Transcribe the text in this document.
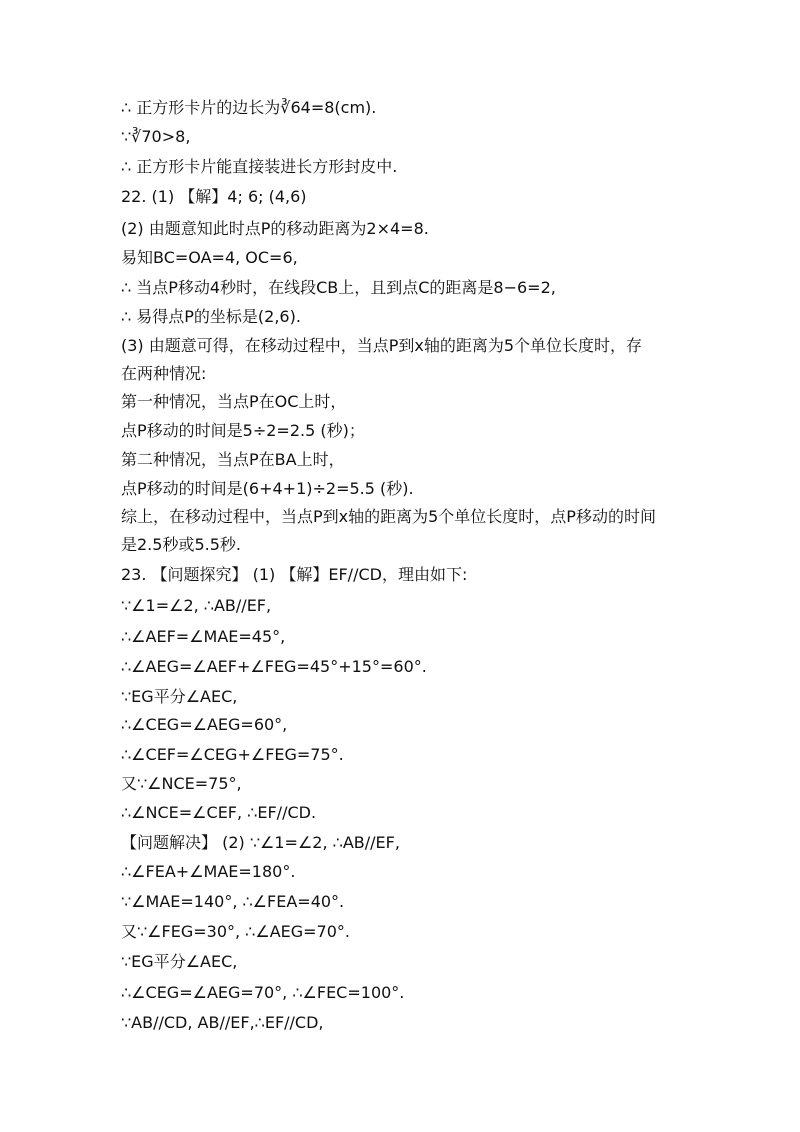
∴ 正方形卡片的边长为∛64=8(cm).
∵∛70>8,
∴ 正方形卡片能直接装进长方形封皮中.
22. (1) 【解】4; 6; (4,6)
(2) 由题意知此时点P的移动距离为2×4=8.
易知BC=OA=4, OC=6,
∴ 当点P移动4秒时，在线段CB上，且到点C的距离是8−6=2,
∴ 易得点P的坐标是(2,6).
(3) 由题意可得，在移动过程中，当点P到x轴的距离为5个单位长度时，存
在两种情况:
第一种情况，当点P在OC上时，
点P移动的时间是5÷2=2.5 (秒)；
第二种情况，当点P在BA上时，
点P移动的时间是(6+4+1)÷2=5.5 (秒).
综上，在移动过程中，当点P到x轴的距离为5个单位长度时，点P移动的时间
是2.5秒或5.5秒.
23. 【问题探究】 (1) 【解】EF//CD，理由如下:
∵∠1=∠2, ∴AB//EF,
∴∠AEF=∠MAE=45°,
∴∠AEG=∠AEF+∠FEG=45°+15°=60°.
∵EG平分∠AEC,
∴∠CEG=∠AEG=60°,
∴∠CEF=∠CEG+∠FEG=75°.
又∵∠NCE=75°,
∴∠NCE=∠CEF, ∴EF//CD.
【问题解决】 (2) ∵∠1=∠2, ∴AB//EF,
∴∠FEA+∠MAE=180°.
∵∠MAE=140°, ∴∠FEA=40°.
又∵∠FEG=30°, ∴∠AEG=70°.
∵EG平分∠AEC,
∴∠CEG=∠AEG=70°, ∴∠FEC=100°.
∵AB//CD, AB//EF,∴EF//CD,
